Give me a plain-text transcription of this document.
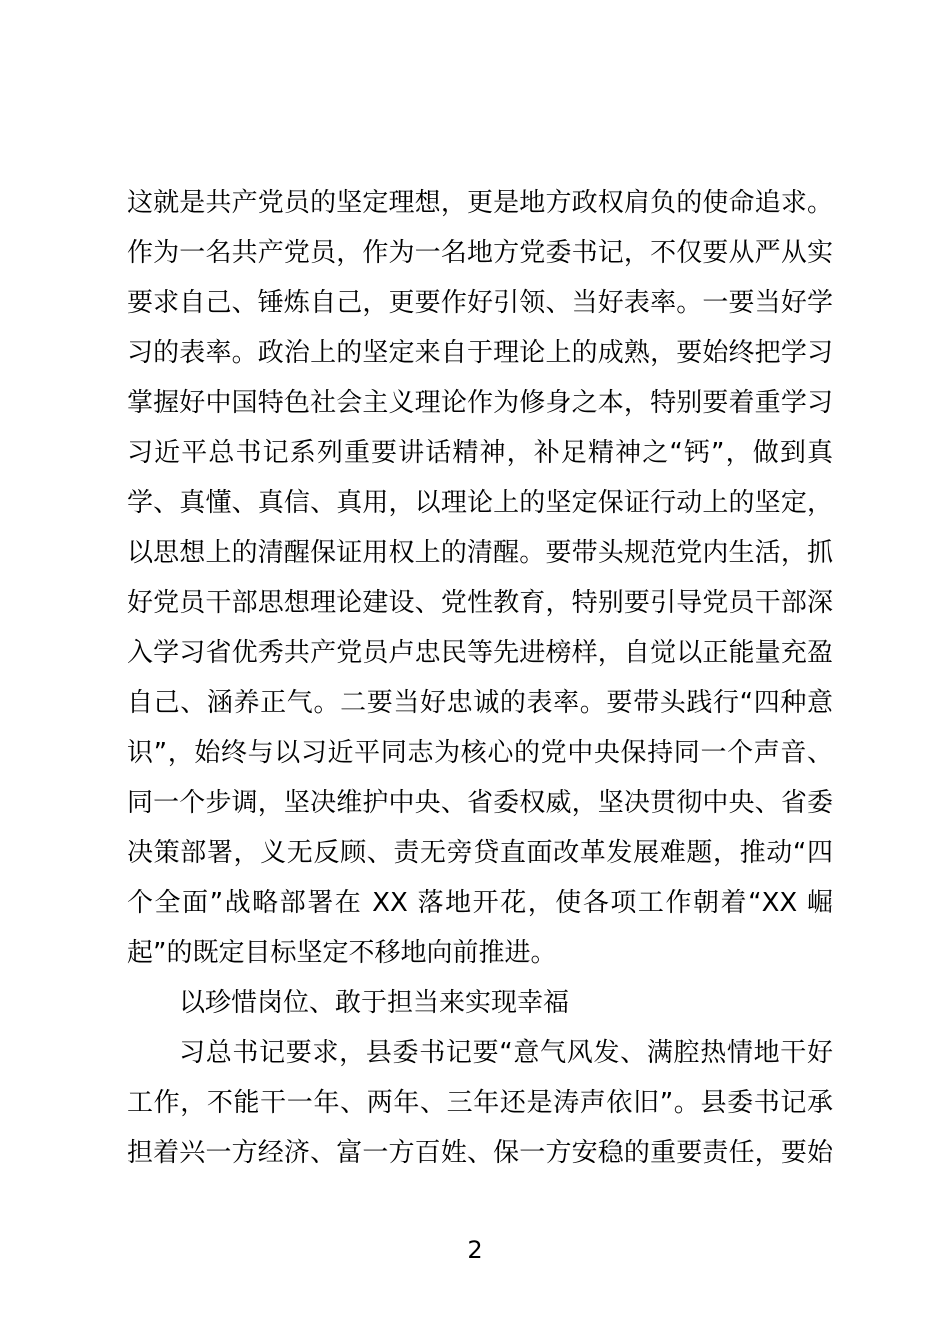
这就是共产党员的坚定理想，更是地方政权肩负的使命追求。
作为一名共产党员，作为一名地方党委书记，不仅要从严从实
要求自己、锤炼自己，更要作好引领、当好表率。一要当好学
习的表率。政治上的坚定来自于理论上的成熟，要始终把学习
掌握好中国特色社会主义理论作为修身之本，特别要着重学习
习近平总书记系列重要讲话精神，补足精神之“钙”，做到真
学、真懂、真信、真用，以理论上的坚定保证行动上的坚定，
以思想上的清醒保证用权上的清醒。要带头规范党内生活，抓
好党员干部思想理论建设、党性教育，特别要引导党员干部深
入学习省优秀共产党员卢忠民等先进榜样，自觉以正能量充盈
自己、涵养正气。二要当好忠诚的表率。要带头践行“四种意
识”，始终与以习近平同志为核心的党中央保持同一个声音、
同一个步调，坚决维护中央、省委权威，坚决贯彻中央、省委
决策部署，义无反顾、责无旁贷直面改革发展难题，推动“四
个全面”战略部署在 XX 落地开花，使各项工作朝着“XX 崛
起”的既定目标坚定不移地向前推进。
以珍惜岗位、敢于担当来实现幸福
习总书记要求，县委书记要“意气风发、满腔热情地干好
工作，不能干一年、两年、三年还是涛声依旧”。县委书记承
担着兴一方经济、富一方百姓、保一方安稳的重要责任，要始
2
